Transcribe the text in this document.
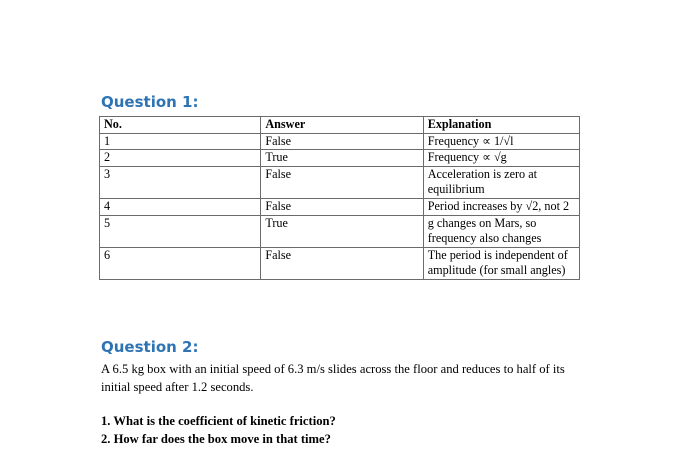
Question 1:
No.	Answer	Explanation
1	False	Frequency ∝ 1/√l
2	True	Frequency ∝ √g
3	False	Acceleration is zero at equilibrium
4	False	Period increases by √2, not 2
5	True	g changes on Mars, so frequency also changes
6	False	The period is independent of amplitude (for small angles)
Question 2:
A 6.5 kg box with an initial speed of 6.3 m/s slides across the floor and reduces to half of its initial speed after 1.2 seconds.
1. What is the coefficient of kinetic friction?
2. How far does the box move in that time?
